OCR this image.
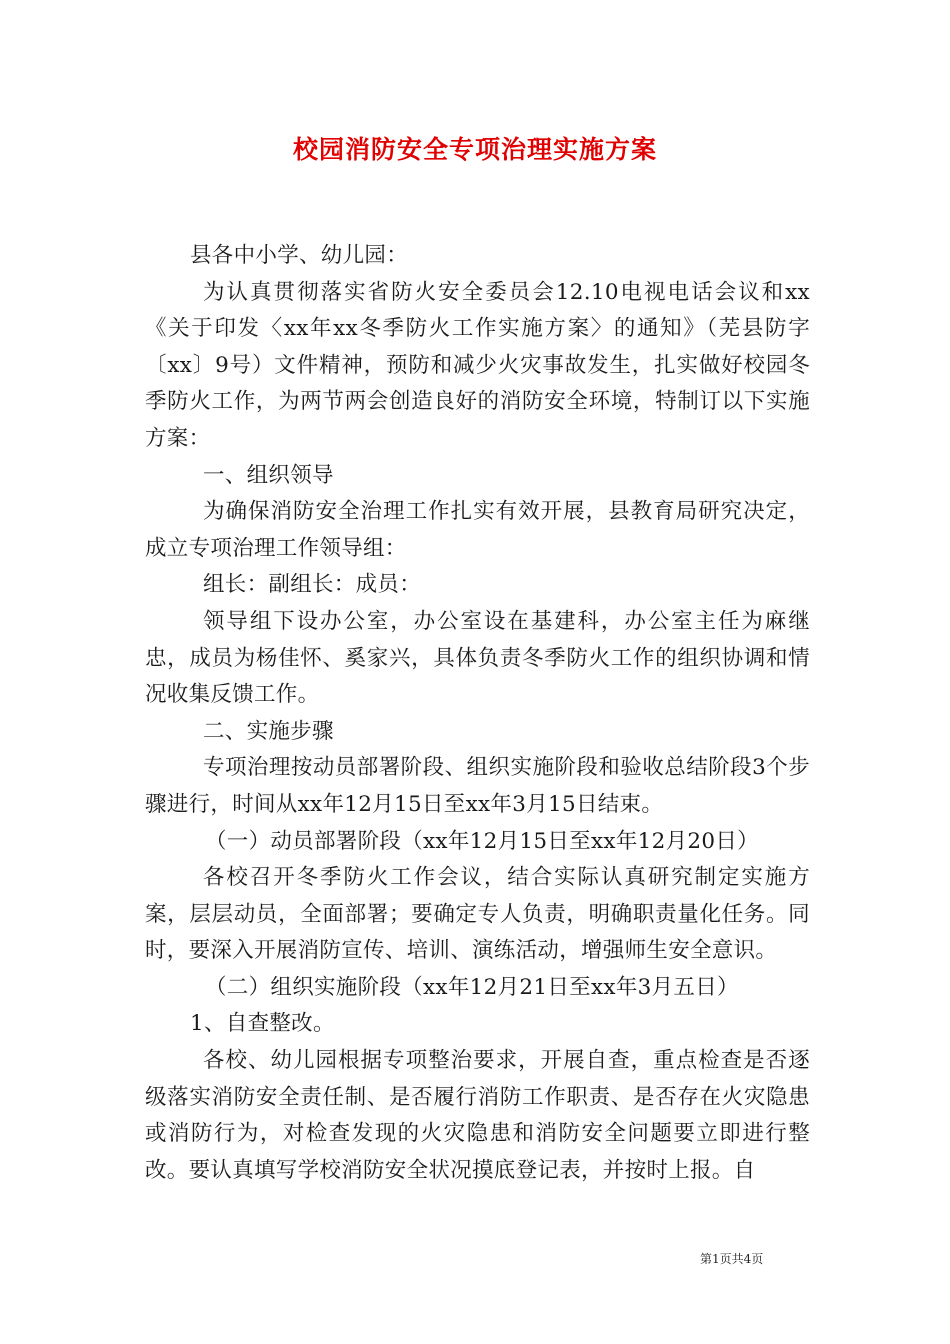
校园消防安全专项治理实施方案

县各中小学、幼儿园：

为认真贯彻落实省防火安全委员会12.10电视电话会议和xx《关于印发〈xx年xx冬季防火工作实施方案〉的通知》（芜县防字〔xx〕9号）文件精神，预防和减少火灾事故发生，扎实做好校园冬季防火工作，为两节两会创造良好的消防安全环境，特制订以下实施方案：

一、组织领导

为确保消防安全治理工作扎实有效开展，县教育局研究决定，成立专项治理工作领导组：

组长：副组长：成员：

领导组下设办公室，办公室设在基建科，办公室主任为麻继忠，成员为杨佳怀、奚家兴，具体负责冬季防火工作的组织协调和情况收集反馈工作。

二、实施步骤

专项治理按动员部署阶段、组织实施阶段和验收总结阶段3个步骤进行，时间从xx年12月15日至xx年3月15日结束。

（一）动员部署阶段（xx年12月15日至xx年12月20日）

各校召开冬季防火工作会议，结合实际认真研究制定实施方案，层层动员，全面部署；要确定专人负责，明确职责量化任务。同时，要深入开展消防宣传、培训、演练活动，增强师生安全意识。

（二）组织实施阶段（xx年12月21日至xx年3月五日）

1、自查整改。

各校、幼儿园根据专项整治要求，开展自查，重点检查是否逐级落实消防安全责任制、是否履行消防工作职责、是否存在火灾隐患或消防行为，对检查发现的火灾隐患和消防安全问题要立即进行整改。要认真填写学校消防安全状况摸底登记表，并按时上报。自

第1页共4页
